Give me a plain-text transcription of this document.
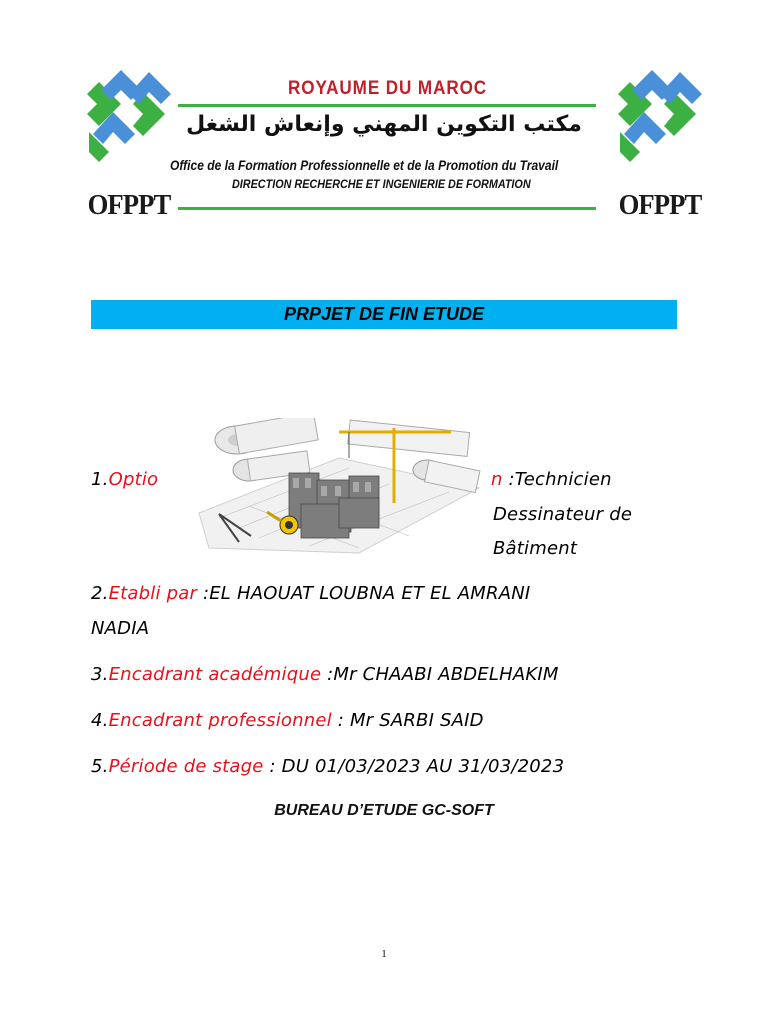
OFPPT	OFPPT
ROYAUME DU MAROC
مكتب التكوين المهني وإنعاش الشغل
Office de la Formation Professionnelle et de la Promotion du Travail
DIRECTION RECHERCHE ET INGENIERIE DE FORMATION
PRPJET DE FIN ETUDE
1.Optio	n :Technicien
Dessinateur de
Bâtiment
2.Etabli par :EL HAOUAT LOUBNA ET EL AMRANI
NADIA
3.Encadrant académique :Mr CHAABI ABDELHAKIM
4.Encadrant professionnel : Mr SARBI SAID
5.Période de stage : DU 01/03/2023 AU 31/03/2023
BUREAU D’ETUDE GC-SOFT
1
